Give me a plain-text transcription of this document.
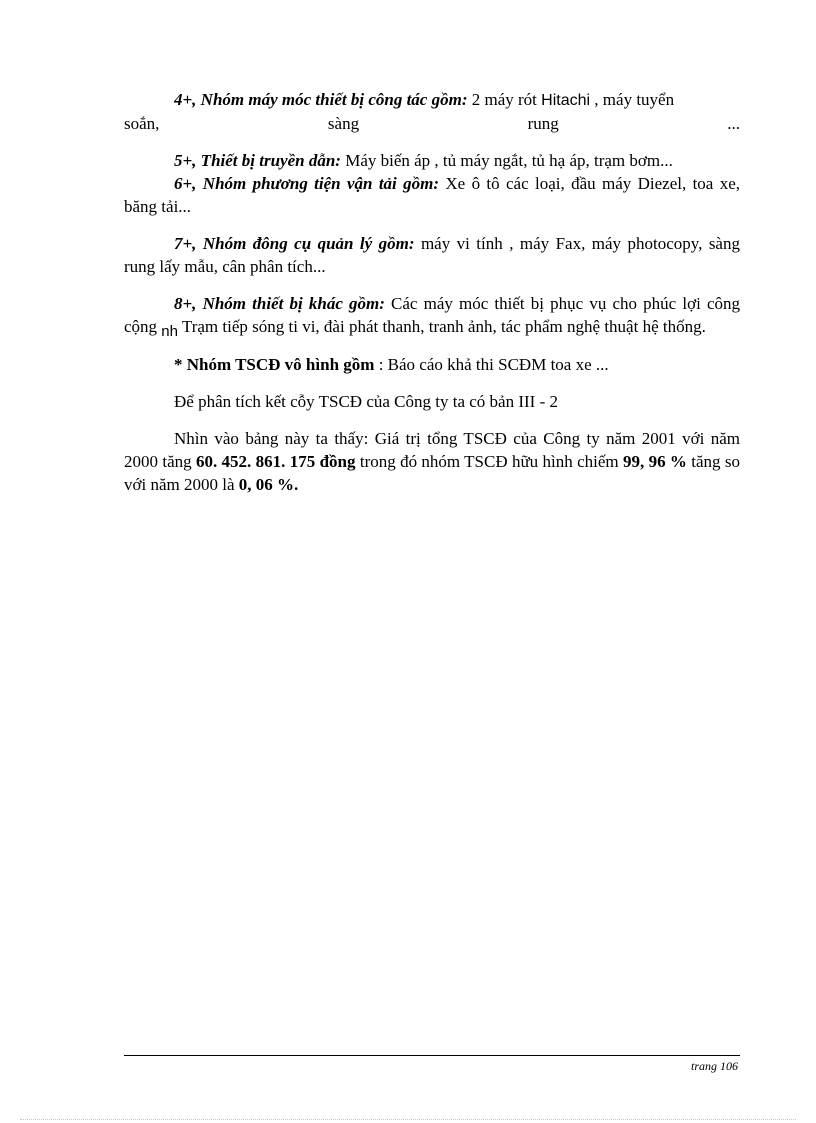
4+, Nhóm máy móc thiết bị công tác gồm: 2 máy rót Hitachi , máy tuyển

soắn,	sàng	rung	...

5+, Thiết bị truyền dẫn: Máy biến áp , tủ máy ngắt, tủ hạ áp, trạm bơm...

6+, Nhóm phương tiện vận tải gồm: Xe ô tô các loại, đầu máy Diezel, toa xe, băng tải...

7+, Nhóm đông cụ quản lý gồm: máy vi tính , máy Fax, máy photocopy, sàng rung lấy mẫu, cân phân tích...

8+, Nhóm thiết bị khác gồm: Các máy móc thiết bị phục vụ cho phúc lợi công cộng nh Trạm tiếp sóng ti vi, đài phát thanh, tranh ảnh, tác phẩm nghệ thuật hệ thống.

* Nhóm TSCĐ vô hình gồm : Báo cáo khả thi SCĐM toa xe ...

Để phân tích kết cỗy TSCĐ của Công ty ta có bản III - 2

Nhìn vào bảng này ta thấy: Giá trị tổng TSCĐ của Công ty năm 2001 với năm 2000 tăng 60. 452. 861. 175 đồng trong đó nhóm TSCĐ hữu hình chiếm 99, 96 % tăng so với năm 2000 là 0, 06 %.

trang 106
